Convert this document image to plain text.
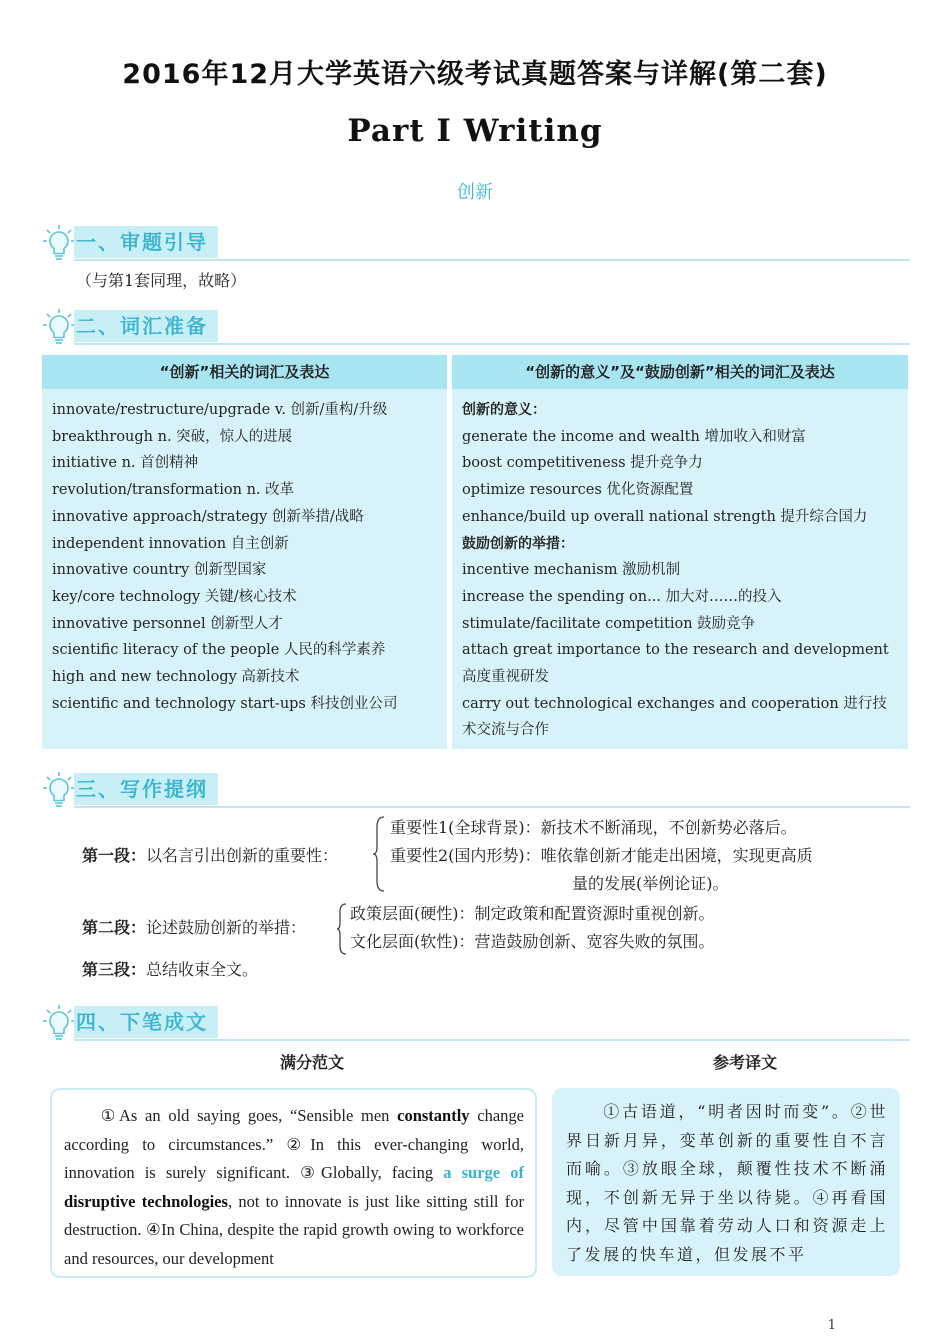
2016年12月大学英语六级考试真题答案与详解(第二套)
Part I Writing
创新
一、审题引导
（与第1套同理，故略）
二、词汇准备
“创新”相关的词汇及表达
innovate/restructure/upgrade v. 创新/重构/升级
breakthrough n. 突破，惊人的进展
initiative n. 首创精神
revolution/transformation n. 改革
innovative approach/strategy 创新举措/战略
independent innovation 自主创新
innovative country 创新型国家
key/core technology 关键/核心技术
innovative personnel 创新型人才
scientific literacy of the people 人民的科学素养
high and new technology 高新技术
scientific and technology start-ups 科技创业公司
“创新的意义”及“鼓励创新”相关的词汇及表达
创新的意义：
generate the income and wealth 增加收入和财富
boost competitiveness 提升竞争力
optimize resources 优化资源配置
enhance/build up overall national strength 提升综合国力
鼓励创新的举措：
incentive mechanism 激励机制
increase the spending on... 加大对……的投入
stimulate/facilitate competition 鼓励竞争
attach great importance to the research and development 高度重视研发
carry out technological exchanges and cooperation 进行技术交流与合作
三、写作提纲
第一段：以名言引出创新的重要性：
重要性1(全球背景)：新技术不断涌现，不创新势必落后。
重要性2(国内形势)：唯依靠创新才能走出困境，实现更高质
量的发展(举例论证)。
第二段：论述鼓励创新的举措：
政策层面(硬性)：制定政策和配置资源时重视创新。
文化层面(软性)：营造鼓励创新、宽容失败的氛围。
第三段：总结收束全文。
四、下笔成文
满分范文	参考译文
  ①As an old saying goes, “Sensible men constantly change according to circumstances.” ②In this ever-changing world, innovation is surely significant. ③Globally, facing a surge of disruptive technologies, not to innovate is just like sitting still for destruction. ④In China, despite the rapid growth owing to workforce and resources, our development
  ①古语道，“明者因时而变”。②世界日新月异，变革创新的重要性自不言而喻。③放眼全球，颠覆性技术不断涌现，不创新无异于坐以待毙。④再看国内，尽管中国靠着劳动人口和资源走上了发展的快车道，但发展不平
1
